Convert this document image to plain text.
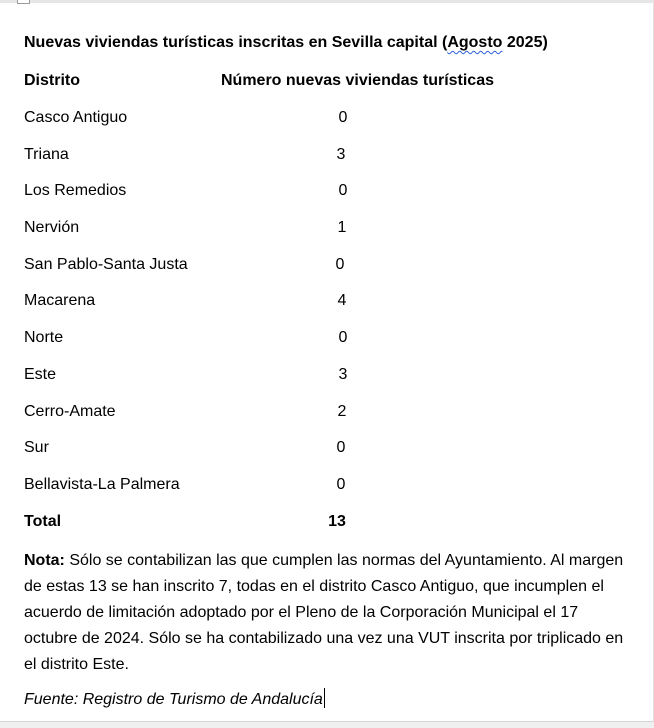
Nuevas viviendas turísticas inscritas en Sevilla capital (Agosto 2025)
Distrito	Número nuevas viviendas turísticas
Casco Antiguo	0
Triana	3
Los Remedios	0
Nervión	1
San Pablo-Santa Justa	0
Macarena	4
Norte	0
Este	3
Cerro-Amate	2
Sur	0
Bellavista-La Palmera	0
Total	13
Nota: Sólo se contabilizan las que cumplen las normas del Ayuntamiento. Al margen de estas 13 se han inscrito 7, todas en el distrito Casco Antiguo, que incumplen el acuerdo de limitación adoptado por el Pleno de la Corporación Municipal el 17 octubre de 2024. Sólo se ha contabilizado una vez una VUT inscrita por triplicado en el distrito Este.
Fuente: Registro de Turismo de Andalucía
